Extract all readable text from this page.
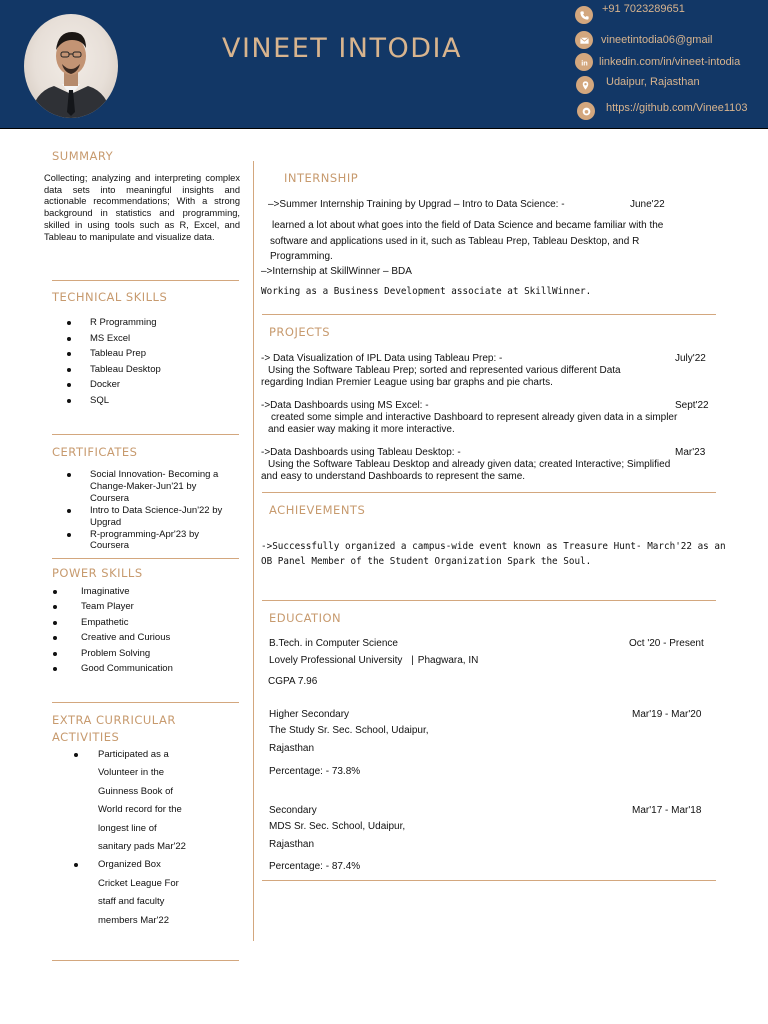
VINEET INTODIA
+91 7023289651
vineetintodia06@gmail
in linkedin.com/in/vineet-intodia
Udaipur, Rajasthan
https://github.com/Vinee1103
SUMMARY
Collecting; analyzing and interpreting complex data sets into meaningful insights and actionable recommendations; With a strong background in statistics and programming, skilled in using tools such as R, Excel, and Tableau to manipulate and visualize data.
TECHNICAL SKILLS
R Programming
MS Excel
Tableau Prep
Tableau Desktop
Docker
SQL
CERTIFICATES
Social Innovation- Becoming a
Change-Maker-Jun'21 by
Coursera
Intro to Data Science-Jun'22 by
Upgrad
R-programming-Apr'23 by
Coursera
POWER SKILLS
Imaginative
Team Player
Empathetic
Creative and Curious
Problem Solving
Good Communication
EXTRA CURRICULAR
ACTIVITIES
Participated as a
Volunteer in the
Guinness Book of
World record for the
longest line of
sanitary pads Mar'22
Organized Box
Cricket League For
staff and faculty
members Mar'22
INTERNSHIP
–>Summer Internship Training by Upgrad – Intro to Data Science: -	June'22
learned a lot about what goes into the field of Data Science and became familiar with the
software and applications used in it, such as Tableau Prep, Tableau Desktop, and R
Programming.
–>Internship at SkillWinner – BDA
Working as a Business Development associate at SkillWinner.
PROJECTS
-> Data Visualization of IPL Data using Tableau Prep: -	July'22
Using the Software Tableau Prep; sorted and represented various different Data
regarding Indian Premier League using bar graphs and pie charts.
->Data Dashboards using MS Excel: -	Sept'22
created some simple and interactive Dashboard to represent already given data in a simpler
and easier way making it more interactive.
->Data Dashboards using Tableau Desktop: -	Mar'23
Using the Software Tableau Desktop and already given data; created Interactive; Simplified
and easy to understand Dashboards to represent the same.
ACHIEVEMENTS
->Successfully organized a campus-wide event known as Treasure Hunt- March'22 as an
OB Panel Member of the Student Organization Spark the Soul.
EDUCATION
B.Tech. in Computer Science	Oct '20 - Present
Lovely Professional University | Phagwara, IN
CGPA 7.96
Higher Secondary	Mar'19 - Mar'20
The Study Sr. Sec. School, Udaipur,
Rajasthan
Percentage: - 73.8%
Secondary	Mar'17 - Mar'18
MDS Sr. Sec. School, Udaipur,
Rajasthan
Percentage: - 87.4%
